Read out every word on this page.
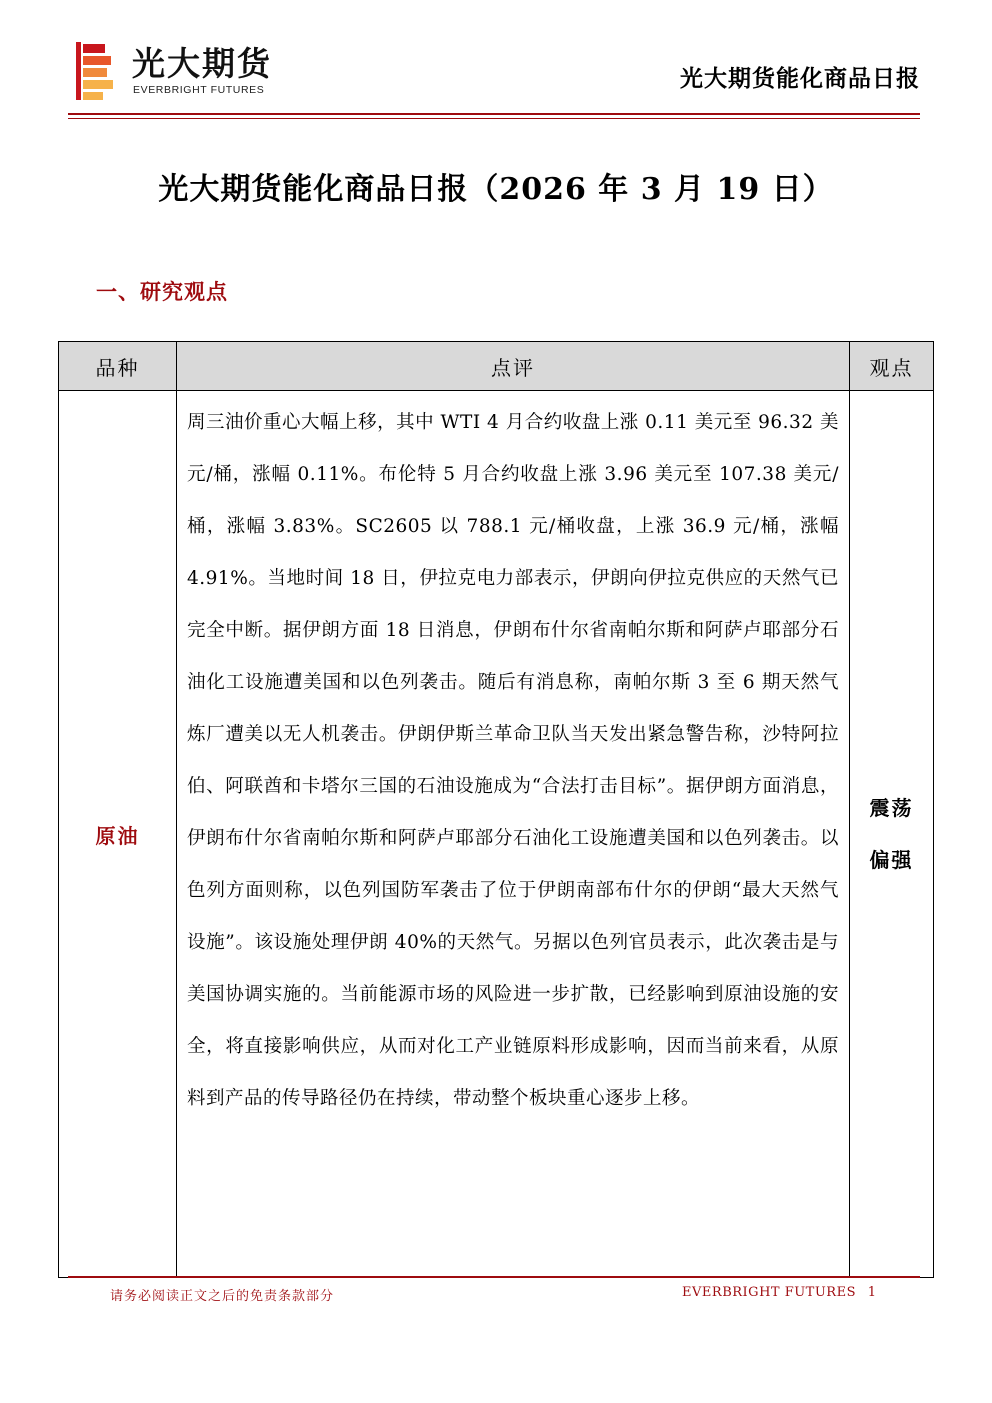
光大期货
EVERBRIGHT FUTURES	光大期货能化商品日报
光大期货能化商品日报（2026 年 3 月 19 日）
一、研究观点
品种	点评	观点
原油	周三油价重心大幅上移，其中 WTI 4 月合约收盘上涨 0.11 美元至 96.32 美元/桶，涨幅 0.11%。布伦特 5 月合约收盘上涨 3.96 美元至 107.38 美元/桶，涨幅 3.83%。SC2605 以 788.1 元/桶收盘，上涨 36.9 元/桶，涨幅 4.91%。当地时间 18 日，伊拉克电力部表示，伊朗向伊拉克供应的天然气已完全中断。据伊朗方面 18 日消息，伊朗布什尔省南帕尔斯和阿萨卢耶部分石油化工设施遭美国和以色列袭击。随后有消息称，南帕尔斯 3 至 6 期天然气炼厂遭美以无人机袭击。伊朗伊斯兰革命卫队当天发出紧急警告称，沙特阿拉伯、阿联酋和卡塔尔三国的石油设施成为“合法打击目标”。据伊朗方面消息，伊朗布什尔省南帕尔斯和阿萨卢耶部分石油化工设施遭美国和以色列袭击。以色列方面则称，以色列国防军袭击了位于伊朗南部布什尔的伊朗“最大天然气设施”。该设施处理伊朗 40%的天然气。另据以色列官员表示，此次袭击是与美国协调实施的。当前能源市场的风险进一步扩散，已经影响到原油设施的安全，将直接影响供应，从而对化工产业链原料形成影响，因而当前来看，从原料到产品的传导路径仍在持续，带动整个板块重心逐步上移。	震荡
偏强
请务必阅读正文之后的免责条款部分	EVERBRIGHT FUTURES 1
